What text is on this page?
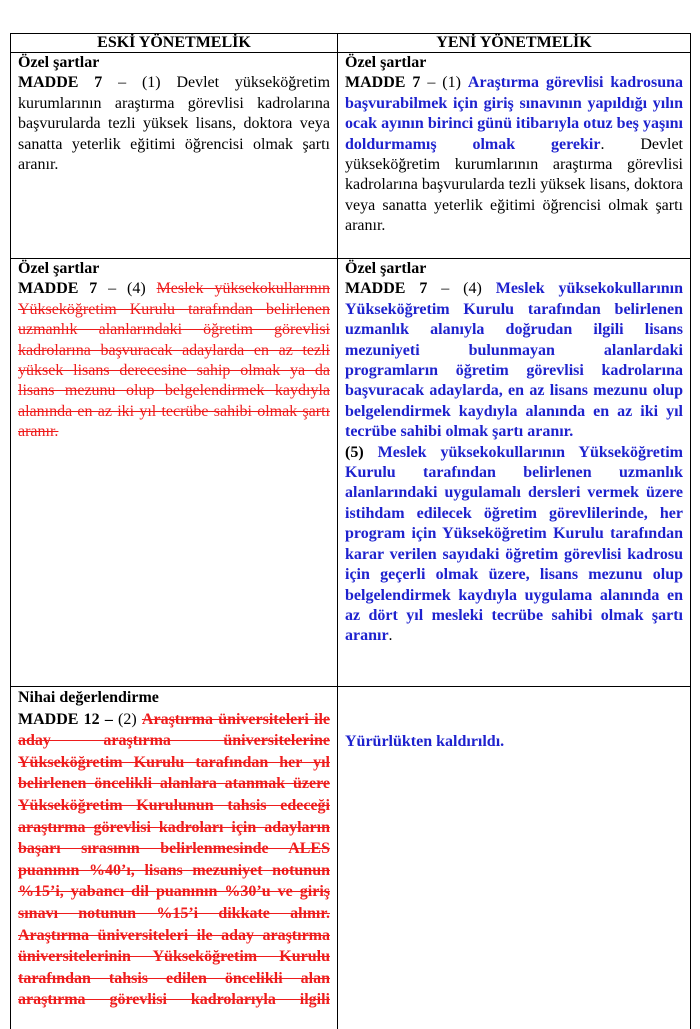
ESKİ YÖNETMELİK	YENİ YÖNETMELİK
Özel şartlar

MADDE 7 – (1) Devlet yükseköğretim kurumlarının araştırma görevlisi kadrolarına başvurularda tezli yüksek lisans, doktora veya sanatta yeterlik eğitimi öğrencisi olmak şartı aranır.

Özel şartlar

MADDE 7 – (1) Araştırma görevlisi kadrosuna başvurabilmek için giriş sınavının yapıldığı yılın ocak ayının birinci günü itibarıyla otuz beş yaşını doldurmamış olmak gerekir. Devlet yükseköğretim kurumlarının araştırma görevlisi kadrolarına başvurularda tezli yüksek lisans, doktora veya sanatta yeterlik eğitimi öğrencisi olmak şartı aranır.

Özel şartlar

MADDE 7 – (4) Meslek yüksekokullarının Yükseköğretim Kurulu tarafından belirlenen uzmanlık alanlarındaki öğretim görevlisi kadrolarına başvuracak adaylarda en az tezli yüksek lisans derecesine sahip olmak ya da lisans mezunu olup belgelendirmek kaydıyla alanında en az iki yıl tecrübe sahibi olmak şartı aranır.

Özel şartlar

MADDE 7 – (4) Meslek yüksekokullarının Yükseköğretim Kurulu tarafından belirlenen uzmanlık alanıyla doğrudan ilgili lisans mezuniyeti bulunmayan alanlardaki programların öğretim görevlisi kadrolarına başvuracak adaylarda, en az lisans mezunu olup belgelendirmek kaydıyla alanında en az iki yıl tecrübe sahibi olmak şartı aranır.

(5) Meslek yüksekokullarının Yükseköğretim Kurulu tarafından belirlenen uzmanlık alanlarındaki uygulamalı dersleri vermek üzere istihdam edilecek öğretim görevlilerinde, her program için Yükseköğretim Kurulu tarafından karar verilen sayıdaki öğretim görevlisi kadrosu için geçerli olmak üzere, lisans mezunu olup belgelendirmek kaydıyla uygulama alanında en az dört yıl mesleki tecrübe sahibi olmak şartı aranır.

Nihai değerlendirme

MADDE 12 – (2) Araştırma üniversiteleri ile aday araştırma üniversitelerine Yükseköğretim Kurulu tarafından her yıl belirlenen öncelikli alanlara atanmak üzere Yükseköğretim Kurulunun tahsis edeceği araştırma görevlisi kadroları için adayların başarı sırasının belirlenmesinde ALES puanının %40’ı, lisans mezuniyet notunun %15’i, yabancı dil puanının %30’u ve giriş sınavı notunun %15’i dikkate alınır. Araştırma üniversiteleri ile aday araştırma üniversitelerinin Yükseköğretim Kurulu tarafından tahsis edilen öncelikli alan araştırma görevlisi kadrolarıyla ilgili

Yürürlükten kaldırıldı.
